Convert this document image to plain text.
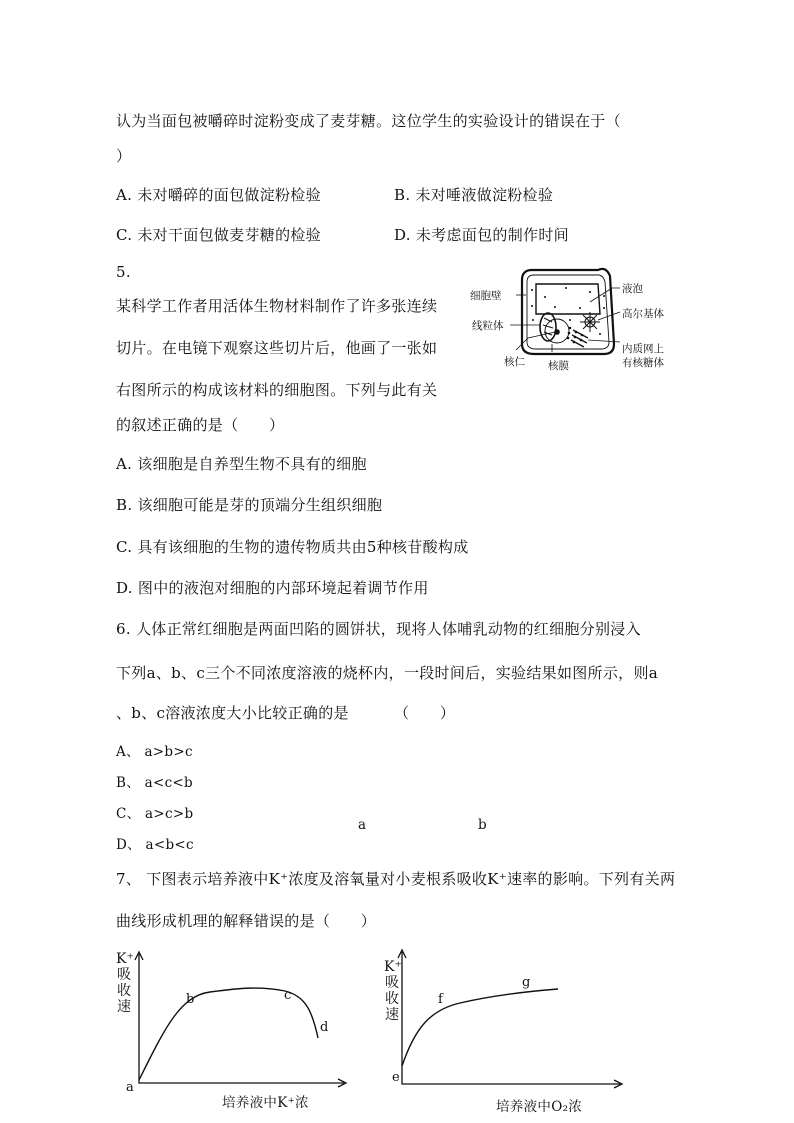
认为当面包被嚼碎时淀粉变成了麦芽糖。这位学生的实验设计的错误在于（
）
A. 未对嚼碎的面包做淀粉检验	B. 未对唾液做淀粉检验
C. 未对干面包做麦芽糖的检验	D. 未考虑面包的制作时间
5.
某科学工作者用活体生物材料制作了许多张连续
切片。在电镜下观察这些切片后，他画了一张如
右图所示的构成该材料的细胞图。下列与此有关
的叙述正确的是（　　）
细胞壁
液泡
高尔基体
线粒体
核仁 核膜
内质网上
有核糖体
A. 该细胞是自养型生物不具有的细胞
B. 该细胞可能是芽的顶端分生组织细胞
C. 具有该细胞的生物的遗传物质共由5种核苷酸构成
D. 图中的液泡对细胞的内部环境起着调节作用
6. 人体正常红细胞是两面凹陷的圆饼状，现将人体哺乳动物的红细胞分别浸入
下列a、b、c三个不同浓度溶液的烧杯内，一段时间后，实验结果如图所示，则a
、b、c溶液浓度大小比较正确的是	（　　）
A、 a>b>c
B、 a<c<b
C、 a>c>b
D、 a<b<c
a	b
7、 下图表示培养液中K⁺浓度及溶氧量对小麦根系吸收K⁺速率的影响。下列有关两
曲线形成机理的解释错误的是（　　）
K⁺
吸
收
速
a
b	c
d
培养液中K⁺浓
K⁺
吸
收
速
e
f
g
培养液中O₂浓
